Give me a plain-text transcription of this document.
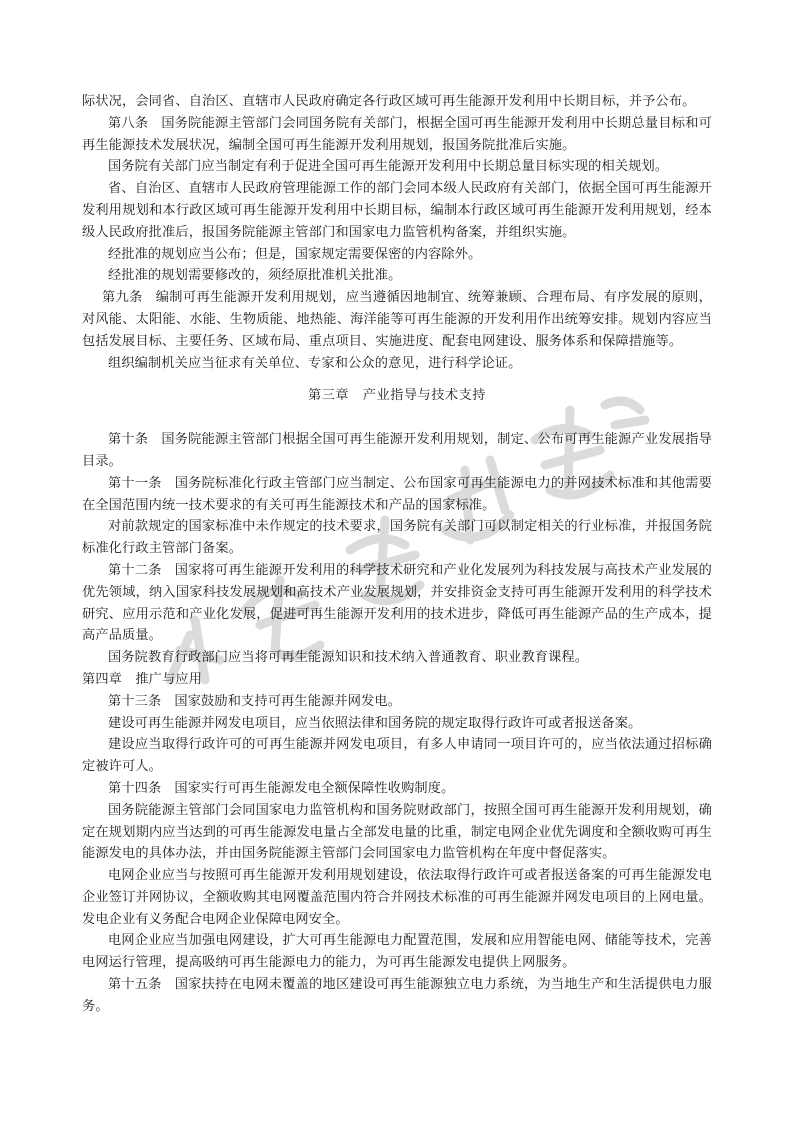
际状况，会同省、自治区、直辖市人民政府确定各行政区域可再生能源开发利用中长期目标，并予公布。

第八条 国务院能源主管部门会同国务院有关部门，根据全国可再生能源开发利用中长期总量目标和可再生能源技术发展状况，编制全国可再生能源开发利用规划，报国务院批准后实施。

国务院有关部门应当制定有利于促进全国可再生能源开发利用中长期总量目标实现的相关规划。

省、自治区、直辖市人民政府管理能源工作的部门会同本级人民政府有关部门，依据全国可再生能源开发利用规划和本行政区域可再生能源开发利用中长期目标，编制本行政区域可再生能源开发利用规划，经本级人民政府批准后，报国务院能源主管部门和国家电力监管机构备案，并组织实施。

经批准的规划应当公布；但是，国家规定需要保密的内容除外。

经批准的规划需要修改的，须经原批准机关批准。

第九条 编制可再生能源开发利用规划，应当遵循因地制宜、统筹兼顾、合理布局、有序发展的原则，对风能、太阳能、水能、生物质能、地热能、海洋能等可再生能源的开发利用作出统筹安排。规划内容应当包括发展目标、主要任务、区域布局、重点项目、实施进度、配套电网建设、服务体系和保障措施等。

组织编制机关应当征求有关单位、专家和公众的意见，进行科学论证。

第三章　产业指导与技术支持

第十条 国务院能源主管部门根据全国可再生能源开发利用规划，制定、公布可再生能源产业发展指导目录。

第十一条 国务院标准化行政主管部门应当制定、公布国家可再生能源电力的并网技术标准和其他需要在全国范围内统一技术要求的有关可再生能源技术和产品的国家标准。

对前款规定的国家标准中未作规定的技术要求，国务院有关部门可以制定相关的行业标准，并报国务院标准化行政主管部门备案。

第十二条 国家将可再生能源开发利用的科学技术研究和产业化发展列为科技发展与高技术产业发展的优先领域，纳入国家科技发展规划和高技术产业发展规划，并安排资金支持可再生能源开发利用的科学技术研究、应用示范和产业化发展，促进可再生能源开发利用的技术进步，降低可再生能源产品的生产成本，提高产品质量。

国务院教育行政部门应当将可再生能源知识和技术纳入普通教育、职业教育课程。

第四章　推广与应用

第十三条 国家鼓励和支持可再生能源并网发电。

建设可再生能源并网发电项目，应当依照法律和国务院的规定取得行政许可或者报送备案。

建设应当取得行政许可的可再生能源并网发电项目，有多人申请同一项目许可的，应当依法通过招标确定被许可人。

第十四条 国家实行可再生能源发电全额保障性收购制度。

国务院能源主管部门会同国家电力监管机构和国务院财政部门，按照全国可再生能源开发利用规划，确定在规划期内应当达到的可再生能源发电量占全部发电量的比重，制定电网企业优先调度和全额收购可再生能源发电的具体办法，并由国务院能源主管部门会同国家电力监管机构在年度中督促落实。

电网企业应当与按照可再生能源开发利用规划建设，依法取得行政许可或者报送备案的可再生能源发电企业签订并网协议，全额收购其电网覆盖范围内符合并网技术标准的可再生能源并网发电项目的上网电量。发电企业有义务配合电网企业保障电网安全。

电网企业应当加强电网建设，扩大可再生能源电力配置范围，发展和应用智能电网、储能等技术，完善电网运行管理，提高吸纳可再生能源电力的能力，为可再生能源发电提供上网服务。

第十五条 国家扶持在电网未覆盖的地区建设可再生能源独立电力系统，为当地生产和生活提供电力服务。
